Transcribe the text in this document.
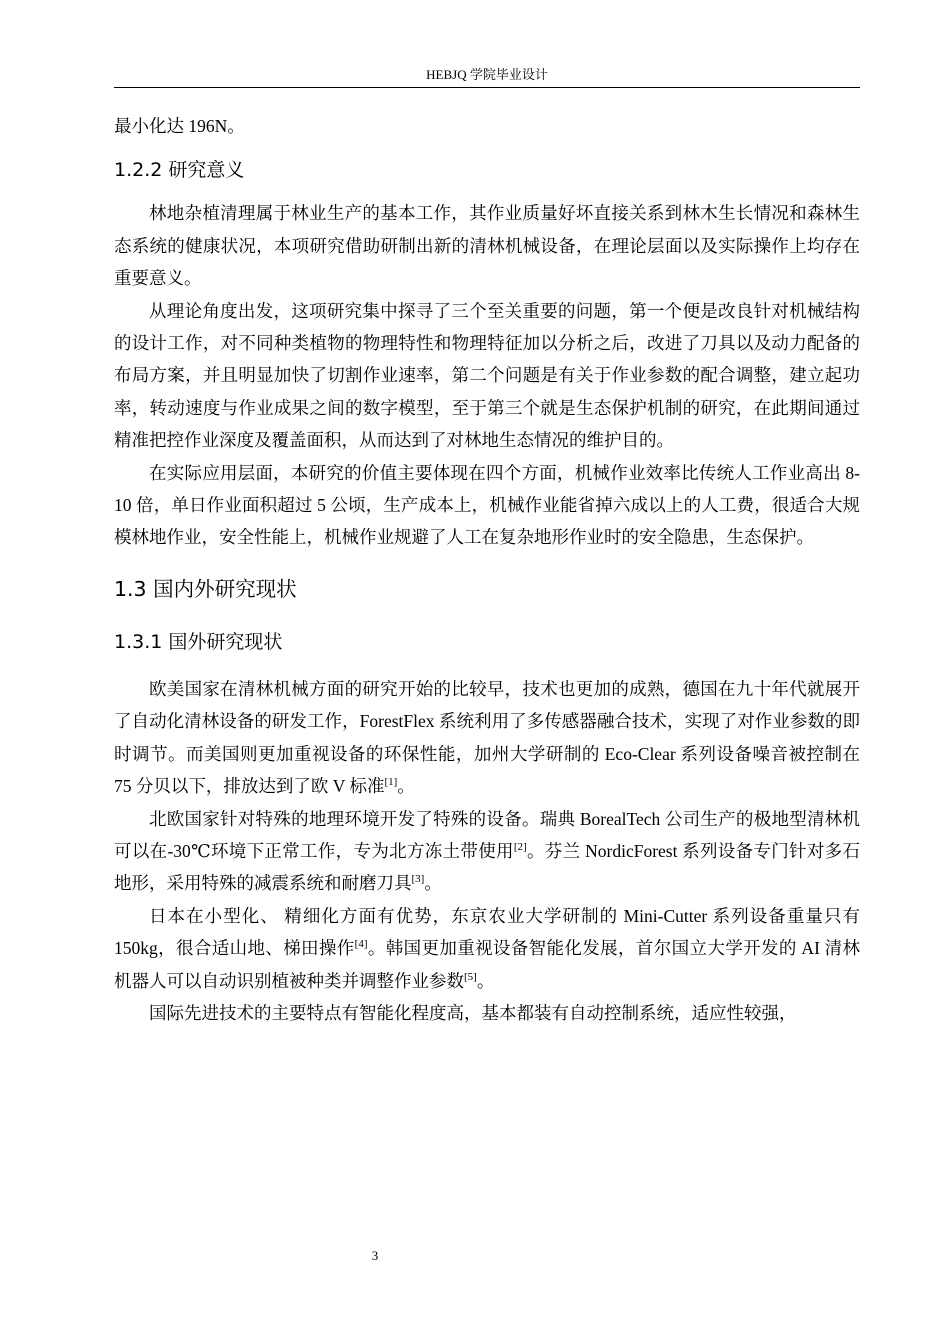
HEBJQ 学院毕业设计

最小化达 196N。

1.2.2 研究意义

林地杂植清理属于林业生产的基本工作，其作业质量好坏直接关系到林木生长情况和森林生态系统的健康状况，本项研究借助研制出新的清林机械设备，在理论层面以及实际操作上均存在重要意义。

从理论角度出发，这项研究集中探寻了三个至关重要的问题，第一个便是改良针对机械结构的设计工作，对不同种类植物的物理特性和物理特征加以分析之后，改进了刀具以及动力配备的布局方案，并且明显加快了切割作业速率，第二个问题是有关于作业参数的配合调整，建立起功率，转动速度与作业成果之间的数字模型，至于第三个就是生态保护机制的研究，在此期间通过精准把控作业深度及覆盖面积，从而达到了对林地生态情况的维护目的。

在实际应用层面，本研究的价值主要体现在四个方面，机械作业效率比传统人工作业高出 8-10 倍，单日作业面积超过 5 公顷，生产成本上，机械作业能省掉六成以上的人工费，很适合大规模林地作业，安全性能上，机械作业规避了人工在复杂地形作业时的安全隐患，生态保护。

1.3 国内外研究现状
1.3.1 国外研究现状

欧美国家在清林机械方面的研究开始的比较早，技术也更加的成熟，德国在九十年代就展开了自动化清林设备的研发工作，ForestFlex 系统利用了多传感器融合技术，实现了对作业参数的即时调节。而美国则更加重视设备的环保性能，加州大学研制的 Eco-Clear 系列设备噪音被控制在 75 分贝以下，排放达到了欧 V 标准[1]。

北欧国家针对特殊的地理环境开发了特殊的设备。瑞典 BorealTech 公司生产的极地型清林机可以在-30℃环境下正常工作，专为北方冻土带使用[2]。芬兰 NordicForest 系列设备专门针对多石地形，采用特殊的减震系统和耐磨刀具[3]。

日本在小型化、 精细化方面有优势，东京农业大学研制的 Mini-Cutter 系列设备重量只有 150kg，很合适山地、梯田操作[4]。韩国更加重视设备智能化发展，首尔国立大学开发的 AI 清林机器人可以自动识别植被种类并调整作业参数[5]。

国际先进技术的主要特点有智能化程度高，基本都装有自动控制系统，适应性较强，

3
